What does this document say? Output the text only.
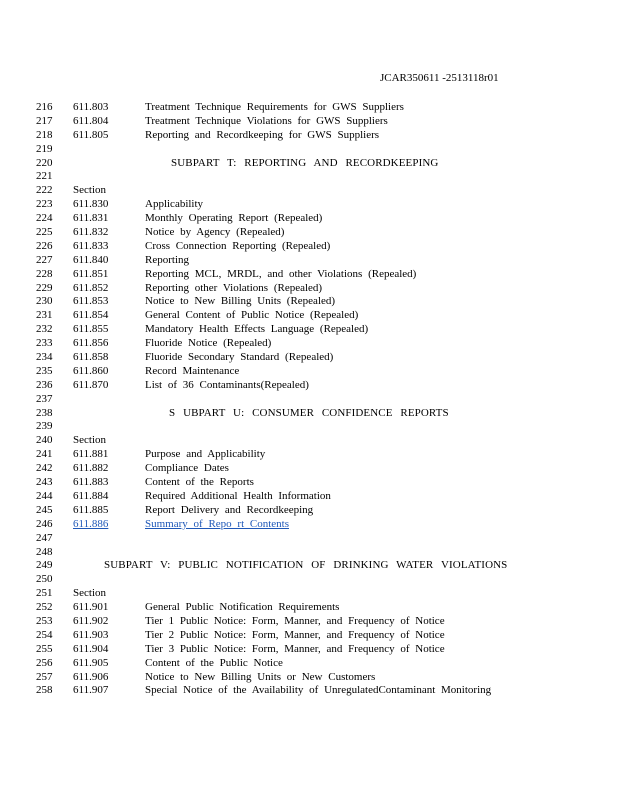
JCAR350611 -2513118r01
216	611.803	Treatment Technique Requirements for GWS Suppliers
217	611.804	Treatment Technique Violations for GWS Suppliers
218	611.805	Reporting and Recordkeeping for GWS Suppliers
219
220	SUBPART T: REPORTING AND RECORDKEEPING
221
222	Section
223	611.830	Applicability
224	611.831	Monthly Operating Report (Repealed)
225	611.832	Notice by Agency (Repealed)
226	611.833	Cross Connection Reporting (Repealed)
227	611.840	Reporting
228	611.851	Reporting MCL, MRDL, and other Violations (Repealed)
229	611.852	Reporting other Violations (Repealed)
230	611.853	Notice to New Billing Units (Repealed)
231	611.854	General Content of Public Notice (Repealed)
232	611.855	Mandatory Health Effects Language (Repealed)
233	611.856	Fluoride Notice (Repealed)
234	611.858	Fluoride Secondary Standard (Repealed)
235	611.860	Record Maintenance
236	611.870	List of 36 Contaminants(Repealed)
237
238	S UBPART U: CONSUMER CONFIDENCE REPORTS
239
240	Section
241	611.881	Purpose and Applicability
242	611.882	Compliance Dates
243	611.883	Content of the Reports
244	611.884	Required Additional Health Information
245	611.885	Report Delivery and Recordkeeping
246	611.886	Summary of Repo rt Contents
247
248
249	SUBPART V: PUBLIC NOTIFICATION OF DRINKING WATER VIOLATIONS
250
251	Section
252	611.901	General Public Notification Requirements
253	611.902	Tier 1 Public Notice: Form, Manner, and Frequency of Notice
254	611.903	Tier 2 Public Notice: Form, Manner, and Frequency of Notice
255	611.904	Tier 3 Public Notice: Form, Manner, and Frequency of Notice
256	611.905	Content of the Public Notice
257	611.906	Notice to New Billing Units or New Customers
258	611.907	Special Notice of the Availability of UnregulatedContaminant Monitoring
